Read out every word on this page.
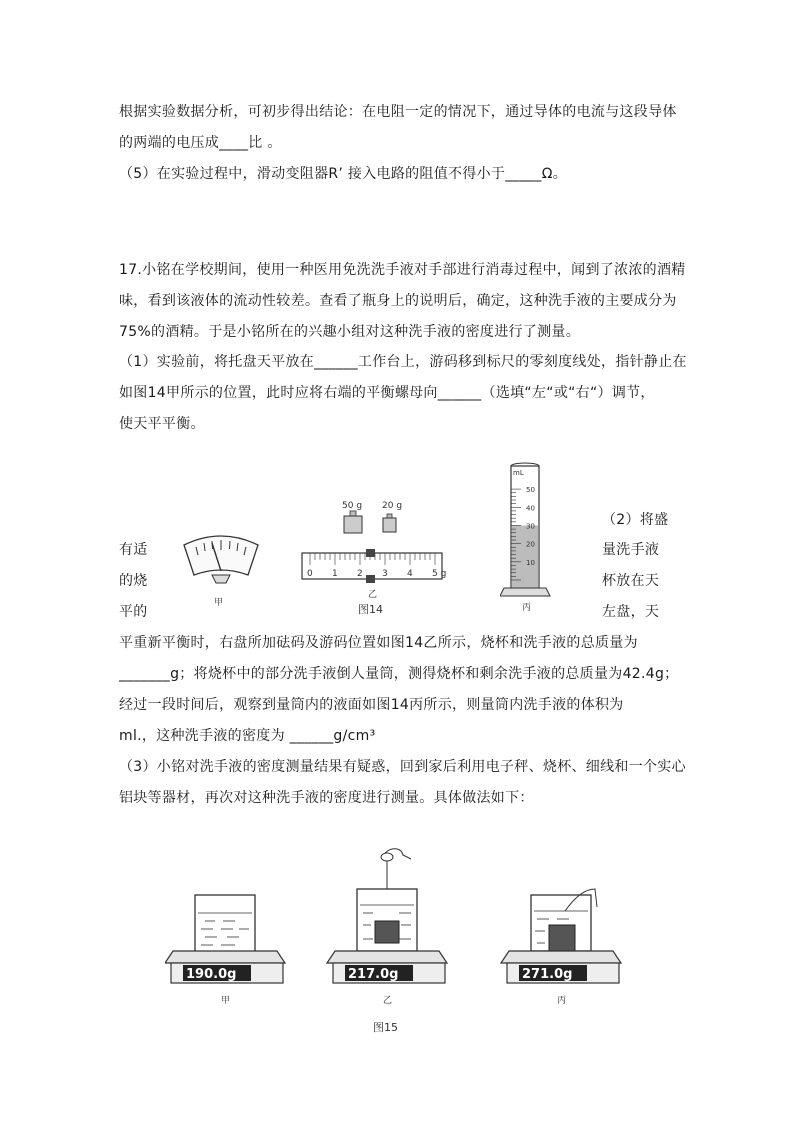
根据实验数据分析，可初步得出结论：在电阻一定的情况下，通过导体的电流与这段导体
的两端的电压成____比 。
（5）在实验过程中，滑动变阻器R’ 接入电路的阻值不得小于_____Ω。
17.小铭在学校期间，使用一种医用免洗洗手液对手部进行消毒过程中，闻到了浓浓的酒精
味，看到该液体的流动性较差。查看了瓶身上的说明后，确定，这种洗手液的主要成分为
75%的酒精。于是小铭所在的兴趣小组对这种洗手液的密度进行了测量。
（1）实验前，将托盘天平放在______工作台上，游码移到标尺的零刻度线处，指针静止在
如图14甲所示的位置，此时应将右端的平衡螺母向______（选填“左“或“右“）调节，
使天平平衡。
有适
的烧
平的
（2）将盛
量洗手液
杯放在天
左盘，天
平重新平衡时，右盘所加砝码及游码位置如图14乙所示，烧杯和洗手液的总质量为
_______g；将烧杯中的部分洗手液倒人量筒，测得烧杯和剩余洗手液的总质量为42.4g；
经过一段时间后，观察到量筒内的液面如图14丙所示，则量筒内洗手液的体积为
ml.，这种洗手液的密度为 ______g/cm³
（3）小铭对洗手液的密度测量结果有疑惑，回到家后利用电子秤、烧杯、细线和一个实心
铝块等器材，再次对这种洗手液的密度进行测量。具体做法如下：
甲
50 g 20 g
0 1 2 3 4 5 g
乙
图14
mL
50
40
30
20
10
丙
190.0g
甲
217.0g
乙
271.0g
丙
图15
